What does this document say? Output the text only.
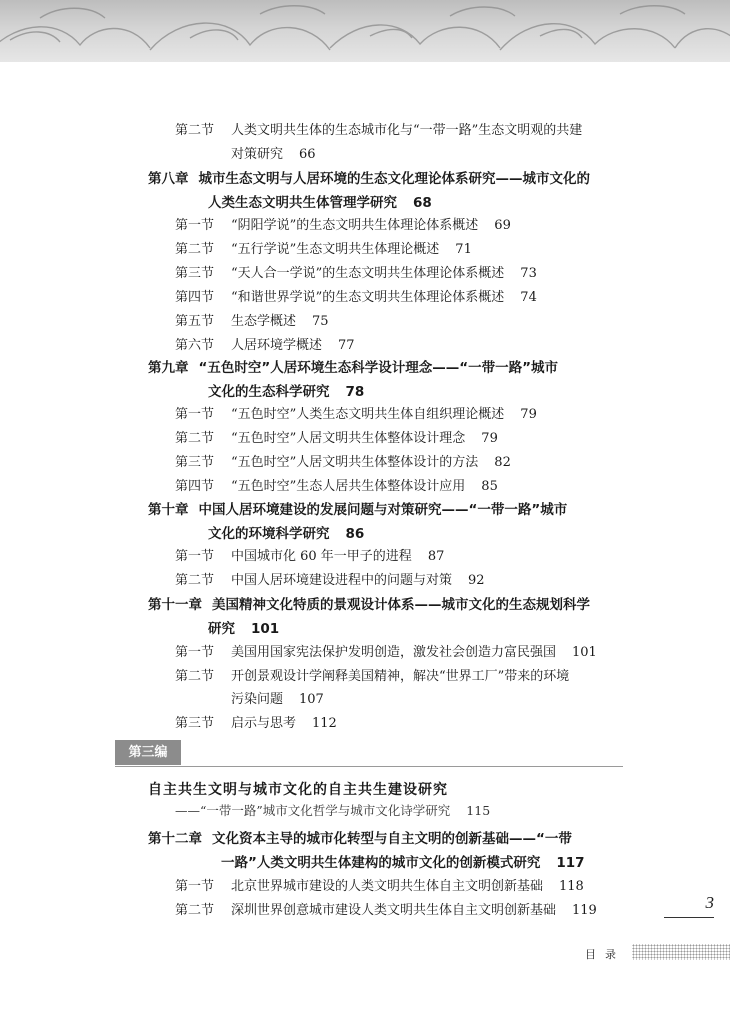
第二节 人类文明共生体的生态城市化与“一带一路”生态文明观的共建
对策研究 66
第八章 城市生态文明与人居环境的生态文化理论体系研究——城市文化的
人类生态文明共生体管理学研究 68
第一节 “阴阳学说”的生态文明共生体理论体系概述 69
第二节 “五行学说”生态文明共生体理论概述 71
第三节 “天人合一学说”的生态文明共生体理论体系概述 73
第四节 “和谐世界学说”的生态文明共生体理论体系概述 74
第五节 生态学概述 75
第六节 人居环境学概述 77
第九章 “五色时空”人居环境生态科学设计理念——“一带一路”城市
文化的生态科学研究 78
第一节 “五色时空”人类生态文明共生体自组织理论概述 79
第二节 “五色时空”人居文明共生体整体设计理念 79
第三节 “五色时空”人居文明共生体整体设计的方法 82
第四节 “五色时空”生态人居共生体整体设计应用 85
第十章 中国人居环境建设的发展问题与对策研究——“一带一路”城市
文化的环境科学研究 86
第一节 中国城市化 60 年一甲子的进程 87
第二节 中国人居环境建设进程中的问题与对策 92
第十一章 美国精神文化特质的景观设计体系——城市文化的生态规划科学
研究 101
第一节 美国用国家宪法保护发明创造，激发社会创造力富民强国 101
第二节 开创景观设计学阐释美国精神，解决“世界工厂”带来的环境
污染问题 107
第三节 启示与思考 112
第十二章 文化资本主导的城市化转型与自主文明的创新基础——“一带
一路”人类文明共生体建构的城市文化的创新模式研究 117
第一节 北京世界城市建设的人类文明共生体自主文明创新基础 118
第二节 深圳世界创意城市建设人类文明共生体自主文明创新基础 119
第三编
自主共生文明与城市文化的自主共生建设研究
——“一带一路”城市文化哲学与城市文化诗学研究 115
3
目录
